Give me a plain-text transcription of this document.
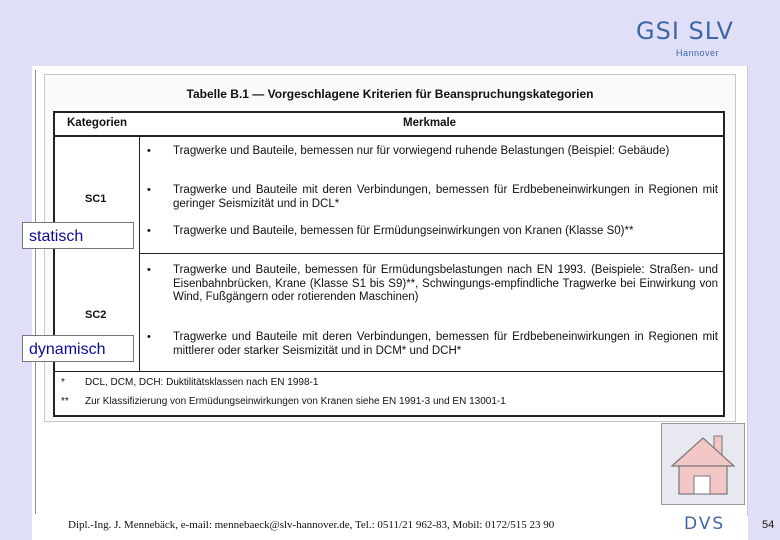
GSI SLV
Hannover
Tabelle B.1 — Vorgeschlagene Kriterien für Beanspruchungskategorien
Kategorien	Merkmale
SC1
• Tragwerke und Bauteile, bemessen nur für vorwiegend ruhende Belastungen (Beispiel: Gebäude)
• Tragwerke und Bauteile mit deren Verbindungen, bemessen für Erdbebeneinwirkungen in Regionen mit geringer Seismizität und in DCL*
• Tragwerke und Bauteile, bemessen für Ermüdungseinwirkungen von Kranen (Klasse S0)**
SC2
• Tragwerke und Bauteile, bemessen für Ermüdungsbelastungen nach EN 1993. (Beispiele: Straßen- und Eisenbahnbrücken, Krane (Klasse S1 bis S9)**, Schwingungs-empfindliche Tragwerke bei Einwirkung von Wind, Fußgängern oder rotierenden Maschinen)
• Tragwerke und Bauteile mit deren Verbindungen, bemessen für Erdbebeneinwirkungen in Regionen mit mittlerer oder starker Seismizität und in DCM* und DCH*
* DCL, DCM, DCH: Duktilitätsklassen nach EN 1998-1
** Zur Klassifizierung von Ermüdungseinwirkungen von Kranen siehe EN 1991-3 und EN 13001-1
statisch
dynamisch
Dipl.-Ing. J. Mennebäck, e-mail: mennebaeck@slv-hannover.de, Tel.: 0511/21 962-83, Mobil: 0172/515 23 90	DVS	54
